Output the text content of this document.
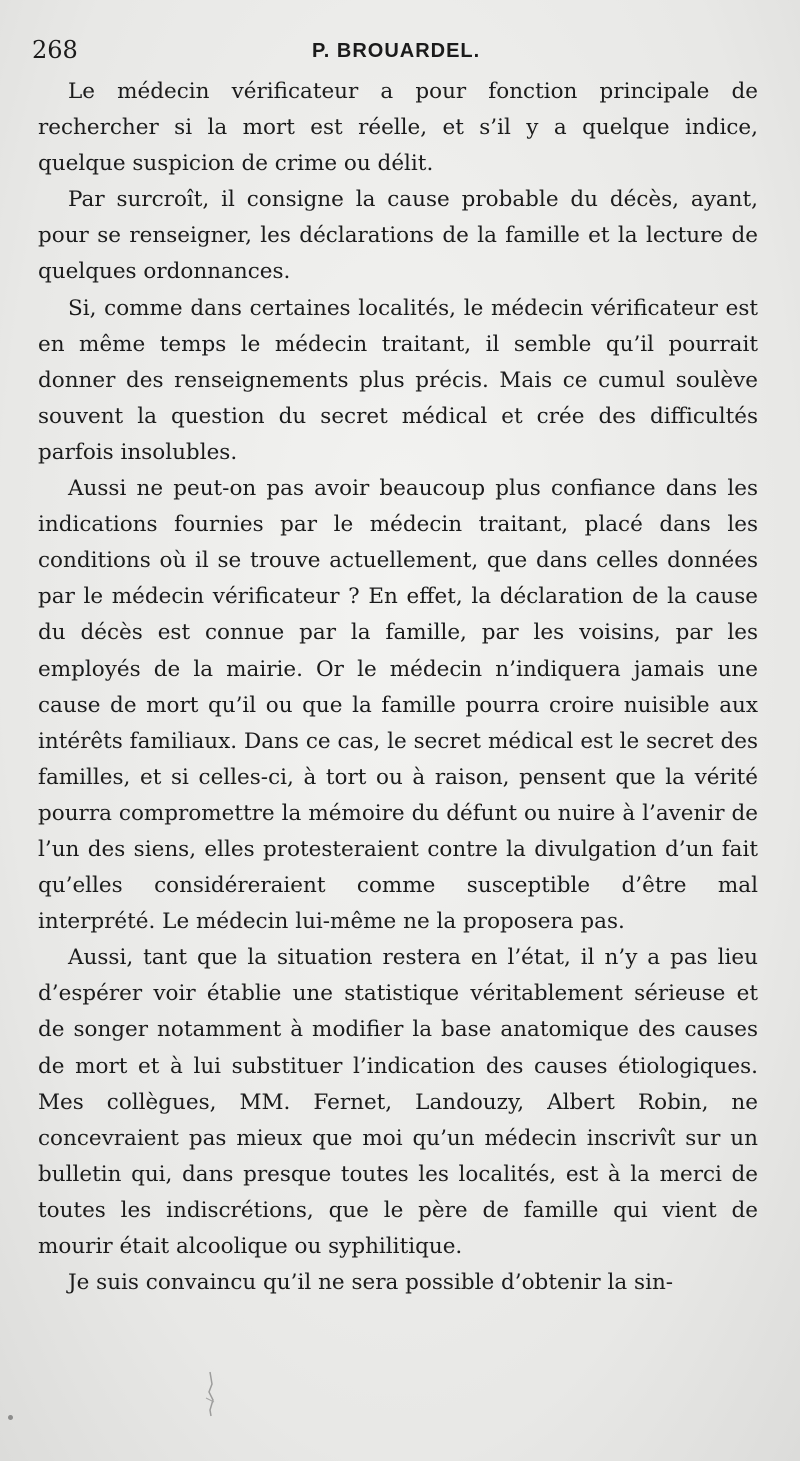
268	P. BROUARDEL.

Le médecin vérificateur a pour fonction principale de rechercher si la mort est réelle, et s’il y a quelque indice, quelque suspicion de crime ou délit.

Par surcroît, il consigne la cause probable du décès, ayant, pour se renseigner, les déclarations de la famille et la lecture de quelques ordonnances.

Si, comme dans certaines localités, le médecin vérificateur est en même temps le médecin traitant, il semble qu’il pourrait donner des renseignements plus précis. Mais ce cumul soulève souvent la question du secret médical et crée des difficultés parfois insolubles.

Aussi ne peut-on pas avoir beaucoup plus confiance dans les indications fournies par le médecin traitant, placé dans les conditions où il se trouve actuellement, que dans celles données par le médecin vérificateur ? En effet, la déclaration de la cause du décès est connue par la famille, par les voisins, par les employés de la mairie. Or le médecin n’indiquera jamais une cause de mort qu’il ou que la famille pourra croire nuisible aux intérêts familiaux. Dans ce cas, le secret médical est le secret des familles, et si celles-ci, à tort ou à raison, pensent que la vérité pourra compromettre la mémoire du défunt ou nuire à l’avenir de l’un des siens, elles protesteraient contre la divulgation d’un fait qu’elles considéreraient comme susceptible d’être mal interprété. Le médecin lui-même ne la proposera pas.

Aussi, tant que la situation restera en l’état, il n’y a pas lieu d’espérer voir établie une statistique véritablement sérieuse et de songer notamment à modifier la base anatomique des causes de mort et à lui substituer l’indication des causes étiologiques. Mes collègues, MM. Fernet, Landouzy, Albert Robin, ne concevraient pas mieux que moi qu’un médecin inscrivît sur un bulletin qui, dans presque toutes les localités, est à la merci de toutes les indiscrétions, que le père de famille qui vient de mourir était alcoolique ou syphilitique.

Je suis convaincu qu’il ne sera possible d’obtenir la sin-
